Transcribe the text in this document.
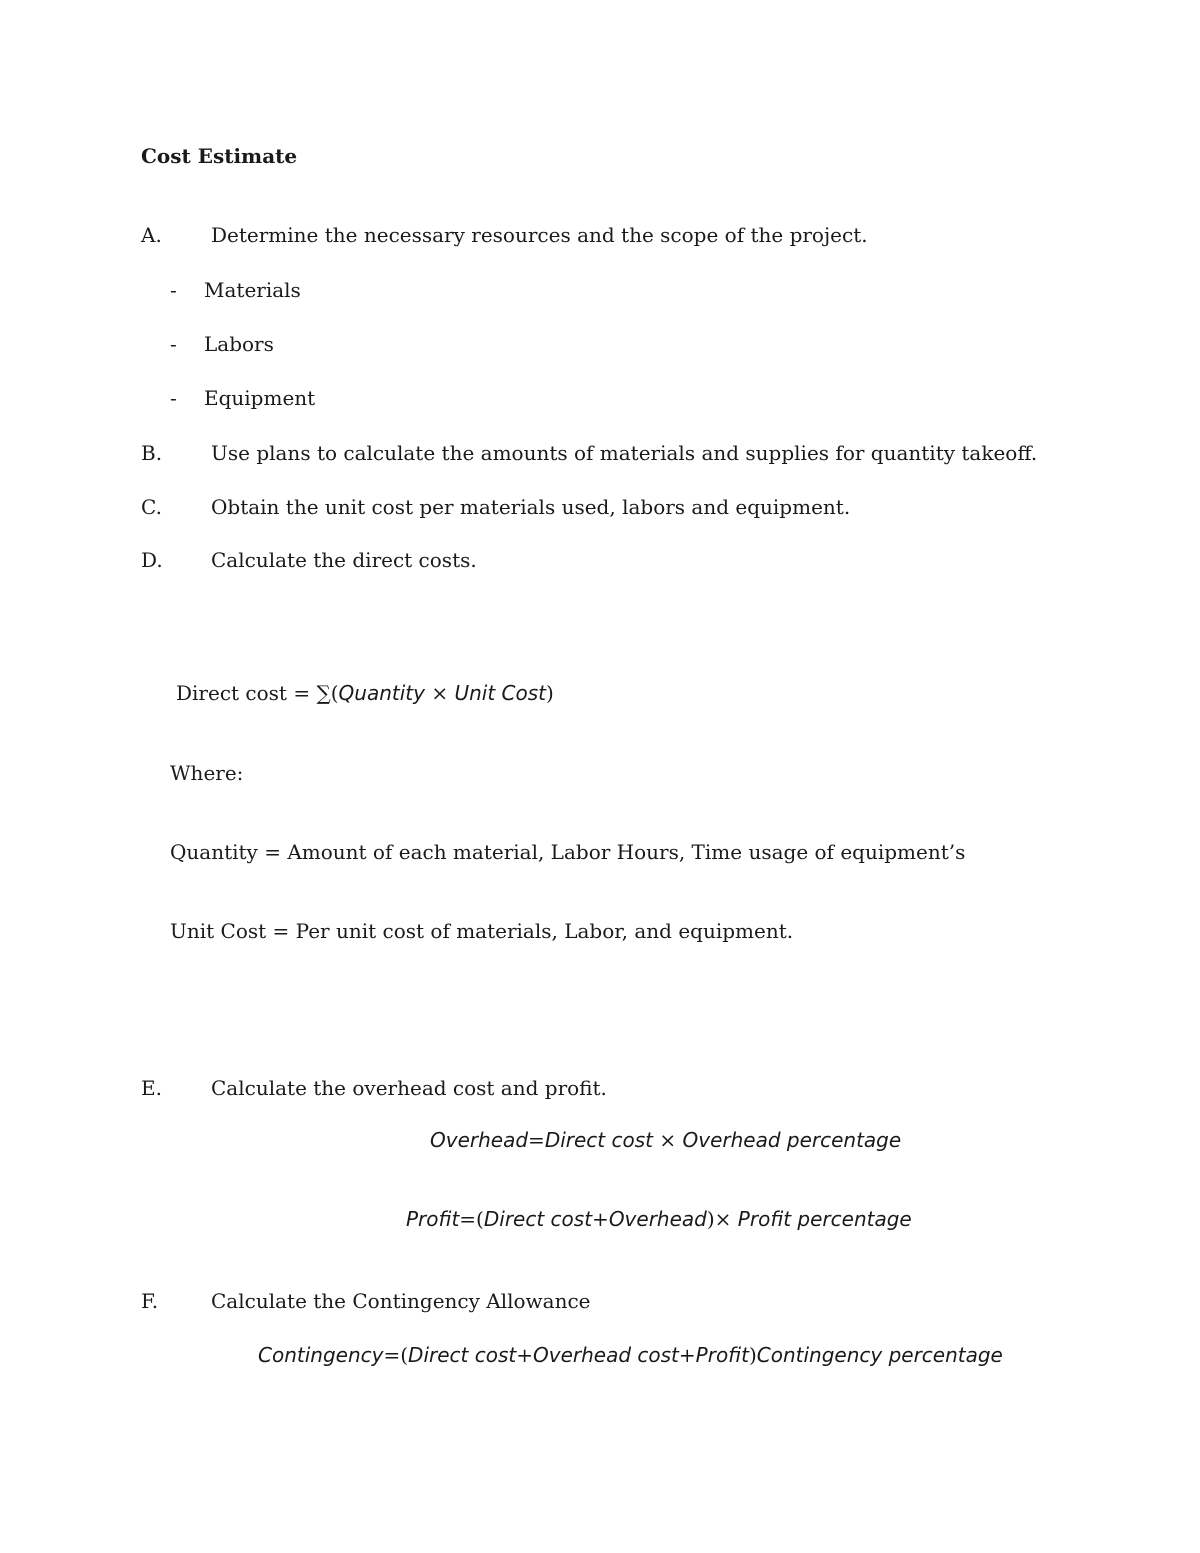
Cost Estimate
A. Determine the necessary resources and the scope of the project.
- Materials
- Labors
- Equipment
B. Use plans to calculate the amounts of materials and supplies for quantity takeoff.
C. Obtain the unit cost per materials used, labors and equipment.
D. Calculate the direct costs.
Direct cost = ∑(Quantity × Unit Cost)
Where:
Quantity = Amount of each material, Labor Hours, Time usage of equipment’s
Unit Cost = Per unit cost of materials, Labor, and equipment.
E. Calculate the overhead cost and profit.
Overhead=Direct cost × Overhead percentage
Profit=(Direct cost+Overhead)× Profit percentage
F.	Calculate the Contingency Allowance
Contingency=(Direct cost+Overhead cost+Profit)Contingency percentage
